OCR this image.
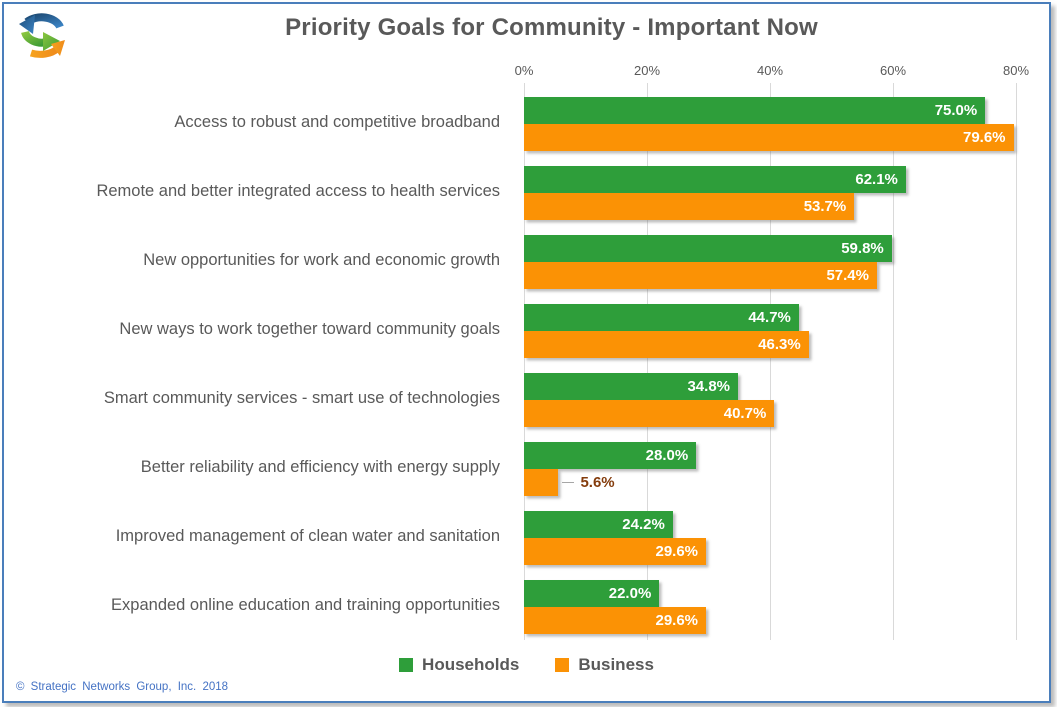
Priority Goals for Community - Important Now
0%	20%	40%	60%	80%
Access to robust and competitive broadband
Remote and better integrated access to health services
New opportunities for work and economic growth
New ways to work together toward community goals
Smart community services - smart use of technologies
Better reliability and efficiency with energy supply
Improved management of clean water and sanitation
Expanded online education and training opportunities
75.0%
79.6%
62.1%
53.7%
59.8%
57.4%
44.7%
46.3%
34.8%
40.7%
28.0%
5.6%
24.2%
29.6%
22.0%
29.6%
Households	Business
© Strategic Networks Group, Inc. 2018
